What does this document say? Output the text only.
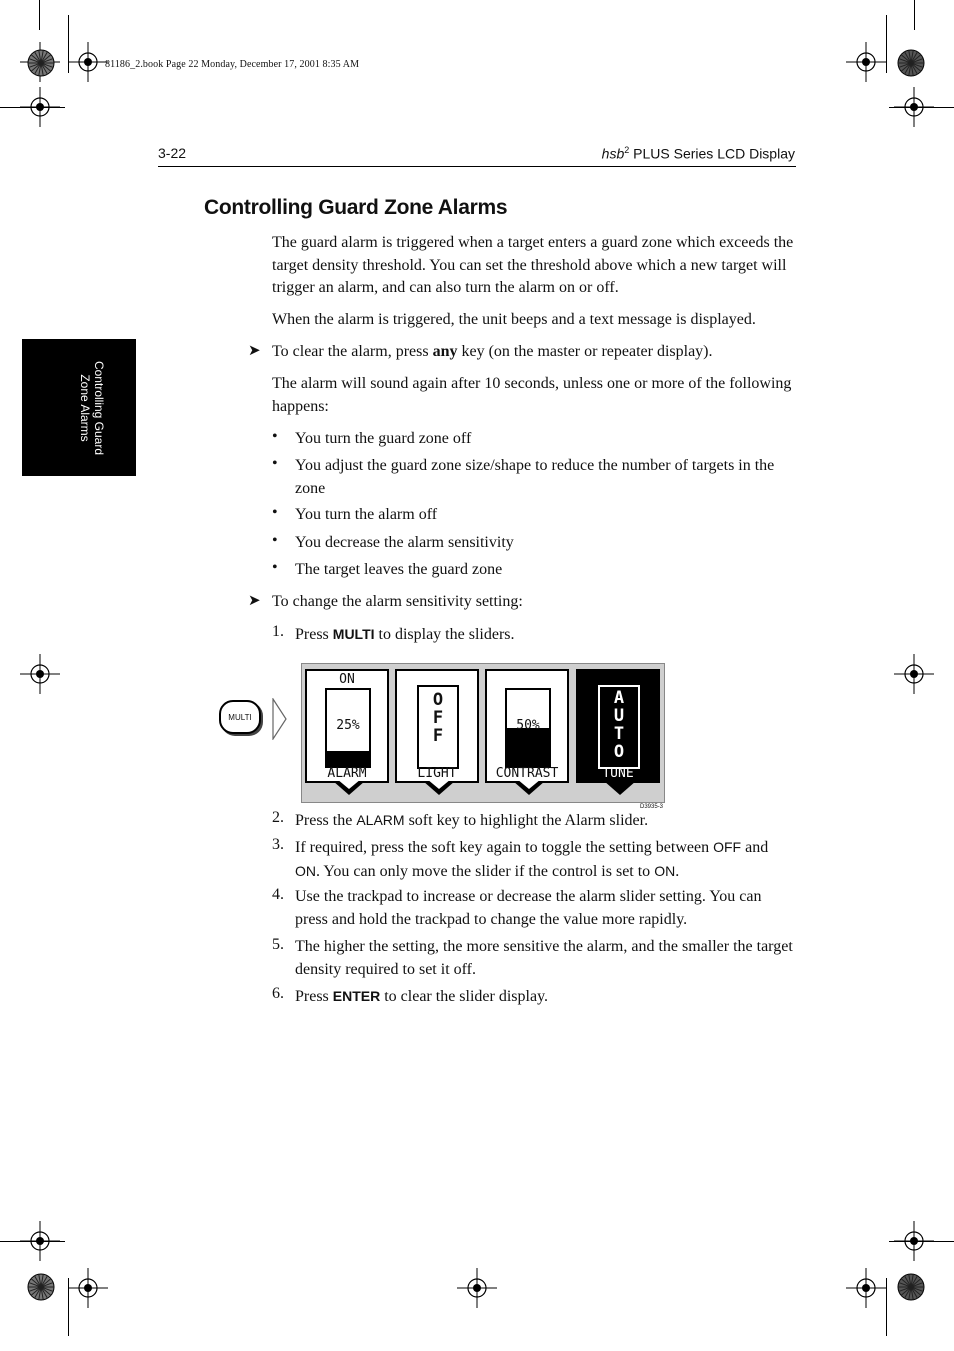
81186_2.book Page 22 Monday, December 17, 2001 8:35 AM
3-22	hsb$^2$ PLUS Series LCD Display
Controlling Guard
Zone Alarms
Controlling Guard Zone Alarms

The guard alarm is triggered when a target enters a guard zone which exceeds the target density threshold. You can set the threshold above which a new target will trigger an alarm, and can also turn the alarm on or off.

When the alarm is triggered, the unit beeps and a text message is displayed.

➤ To clear the alarm, press any key (on the master or repeater display).

The alarm will sound again after 10 seconds, unless one or more of the following happens:

• You turn the guard zone off
• You adjust the guard zone size/shape to reduce the number of targets in the zone
• You turn the alarm off
• You decrease the alarm sensitivity
• The target leaves the guard zone
➤ To change the alarm sensitivity setting:

1. Press MULTI to display the sliders.

MULTI
ON
25%
ALARM
O
F
F
LIGHT
50%
CONTRAST
A
U
T
O
TUNE
D3935-3
2. Press the ALARM soft key to highlight the Alarm slider.
3. If required, press the soft key again to toggle the setting between OFF and ON. You can only move the slider if the control is set to ON.
4. Use the trackpad to increase or decrease the alarm slider setting. You can press and hold the trackpad to change the value more rapidly.
5. The higher the setting, the more sensitive the alarm, and the smaller the target density required to set it off.
6. Press ENTER to clear the slider display.
